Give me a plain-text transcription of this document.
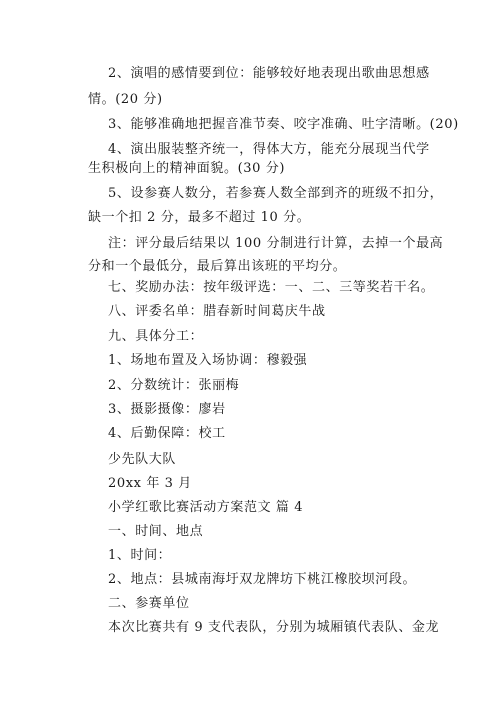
2、演唱的感情要到位：能够较好地表现出歌曲思想感
情。(20 分)
3、能够准确地把握音准节奏、咬字准确、吐字清晰。(20)
4、演出服装整齐统一，得体大方，能充分展现当代学
生积极向上的精神面貌。(30 分)
5、设参赛人数分，若参赛人数全部到齐的班级不扣分，
缺一个扣 2 分，最多不超过 10 分。
注：评分最后结果以 100 分制进行计算，去掉一个最高
分和一个最低分，最后算出该班的平均分。
七、奖励办法：按年级评选：一、二、三等奖若干名。
八、评委名单：腊春新时间葛庆牛战
九、具体分工：
1、场地布置及入场协调：穆毅强
2、分数统计：张丽梅
3、摄影摄像：廖岩
4、后勤保障：校工
少先队大队
20xx 年 3 月
小学红歌比赛活动方案范文 篇 4
一、时间、地点
1、时间：
2、地点：县城南海圩双龙牌坊下桃江橡胶坝河段。
二、参赛单位
本次比赛共有 9 支代表队，分别为城厢镇代表队、金龙
